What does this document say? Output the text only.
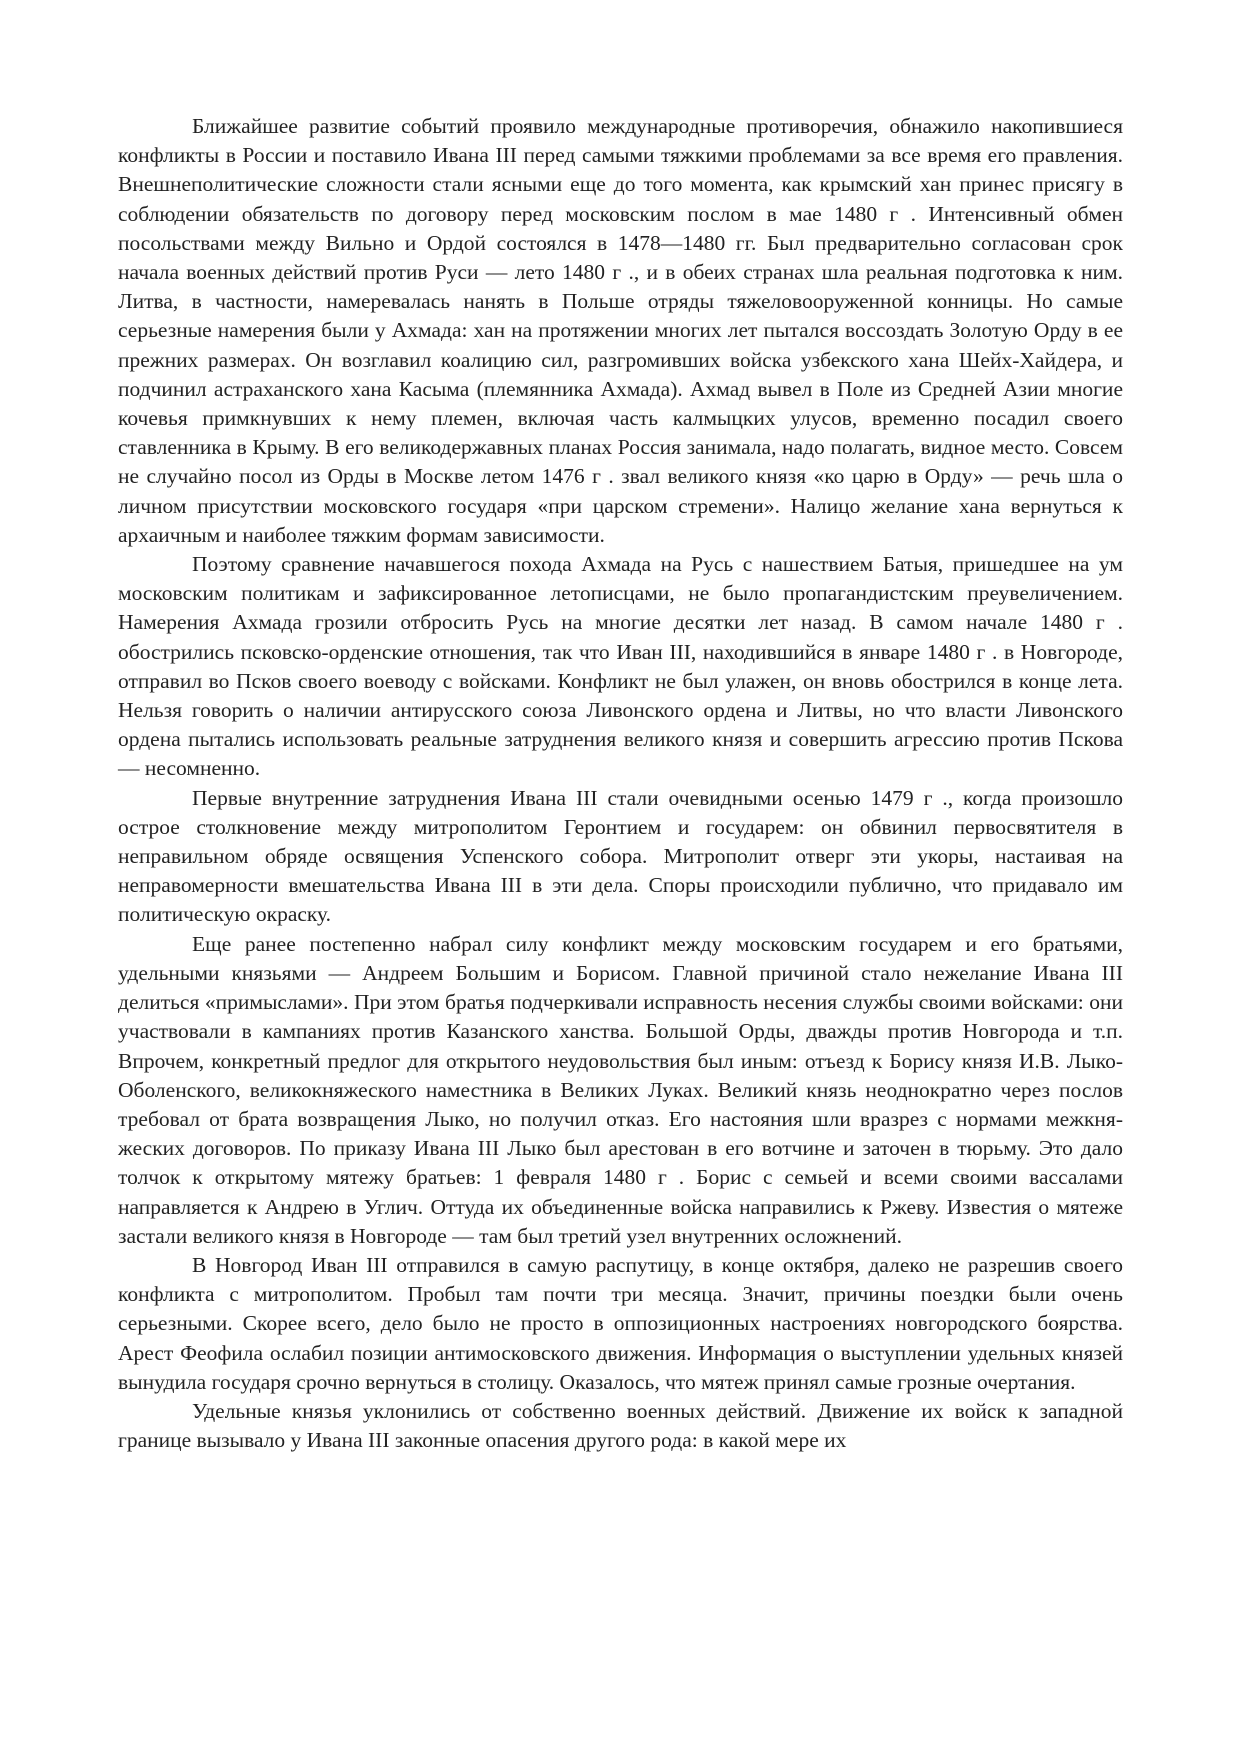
Ближайшее развитие событий проявило международные противоречия, обнажило накопившиеся конфликты в России и поставило Ивана III перед самыми тяжкими проблемами за все время его правления. Внешнеполитические сложности стали ясными еще до того момента, как крымский хан принес присягу в соблюдении обязательств по договору перед московским послом в мае 1480 г . Интенсивный обмен посольствами между Вильно и Ордой состоялся в 1478—1480 гг. Был предварительно согласован срок начала военных действий против Руси — лето 1480 г ., и в обеих странах шла реальная подготовка к ним. Литва, в частности, намеревалась нанять в Польше отряды тяжеловооруженной конницы. Но самые серьезные намерения были у Ахмада: хан на протяжении многих лет пытался воссоздать Золотую Орду в ее прежних размерах. Он возглавил коалицию сил, разгромивших войска узбекского хана Шейх-Хайдера, и подчинил астраханского хана Касыма (племянника Ахмада). Ахмад вывел в Поле из Средней Азии многие кочевья примкнувших к нему племен, включая часть калмыцких улусов, временно посадил своего ставленника в Крыму. В его великодержавных планах Россия занимала, надо полагать, видное место. Совсем не случайно посол из Орды в Москве летом 1476 г . звал великого князя «ко царю в Орду» — речь шла о личном присутствии московского государя «при царском стремени». Налицо желание хана вернуться к архаичным и наиболее тяжким формам зависимости.

Поэтому сравнение начавшегося похода Ахмада на Русь с нашествием Батыя, пришедшее на ум московским политикам и зафиксированное летописцами, не было пропагандистским преувеличением. Намерения Ахмада грозили отбросить Русь на многие десятки лет назад. В самом начале 1480 г . обострились псковско-орденские отношения, так что Иван III, находившийся в январе 1480 г . в Новгороде, отправил во Псков своего воеводу с войсками. Конфликт не был улажен, он вновь обострился в конце лета. Нельзя говорить о наличии антирусского союза Ливонского ордена и Литвы, но что власти Ливонского ордена пытались использовать реальные затруднения великого князя и совершить агрессию против Пскова — несомненно.

Первые внутренние затруднения Ивана III стали очевидными осенью 1479 г ., когда произошло острое столкновение между митрополитом Геронтием и государем: он обвинил первосвятителя в неправильном обряде освящения Успенского собора. Митрополит отверг эти укоры, настаивая на неправомерности вмешательства Ивана III в эти дела. Споры происходили публично, что придавало им политическую окраску.

Еще ранее постепенно набрал силу конфликт между московским государем и его братьями, удельными князьями — Андреем Большим и Борисом. Главной причиной стало нежелание Ивана III делиться «примыслами». При этом братья подчеркивали исправность несения службы своими войсками: они участвовали в кампаниях против Казанского ханства. Большой Орды, дважды против Новгорода и т.п. Впрочем, конкретный предлог для открытого неудовольствия был иным: отъезд к Борису князя И.В. Лыко-Оболенского, великокняжеского наместника в Великих Луках. Великий князь неоднократно через послов требовал от брата возвращения Лыко, но получил отказ. Его настояния шли вразрез с нормами межкняжеских договоров. По приказу Ивана III Лыко был арестован в его вотчине и заточен в тюрьму. Это дало толчок к открытому мятежу братьев: 1 февраля 1480 г . Борис с семьей и всеми своими вассалами направляется к Андрею в Углич. Оттуда их объединенные войска направились к Ржеву. Известия о мятеже застали великого князя в Новгороде — там был третий узел внутренних осложнений.

В Новгород Иван III отправился в самую распутицу, в конце октября, далеко не разрешив своего конфликта с митрополитом. Пробыл там почти три месяца. Значит, причины поездки были очень серьезными. Скорее всего, дело было не просто в оппозиционных настроениях новгородского боярства. Арест Феофила ослабил позиции антимосковского движения. Информация о выступлении удельных князей вынудила государя срочно вернуться в столицу. Оказалось, что мятеж принял самые грозные очертания.

Удельные князья уклонились от собственно военных действий. Движение их войск к западной границе вызывало у Ивана III законные опасения другого рода: в какой мере их
